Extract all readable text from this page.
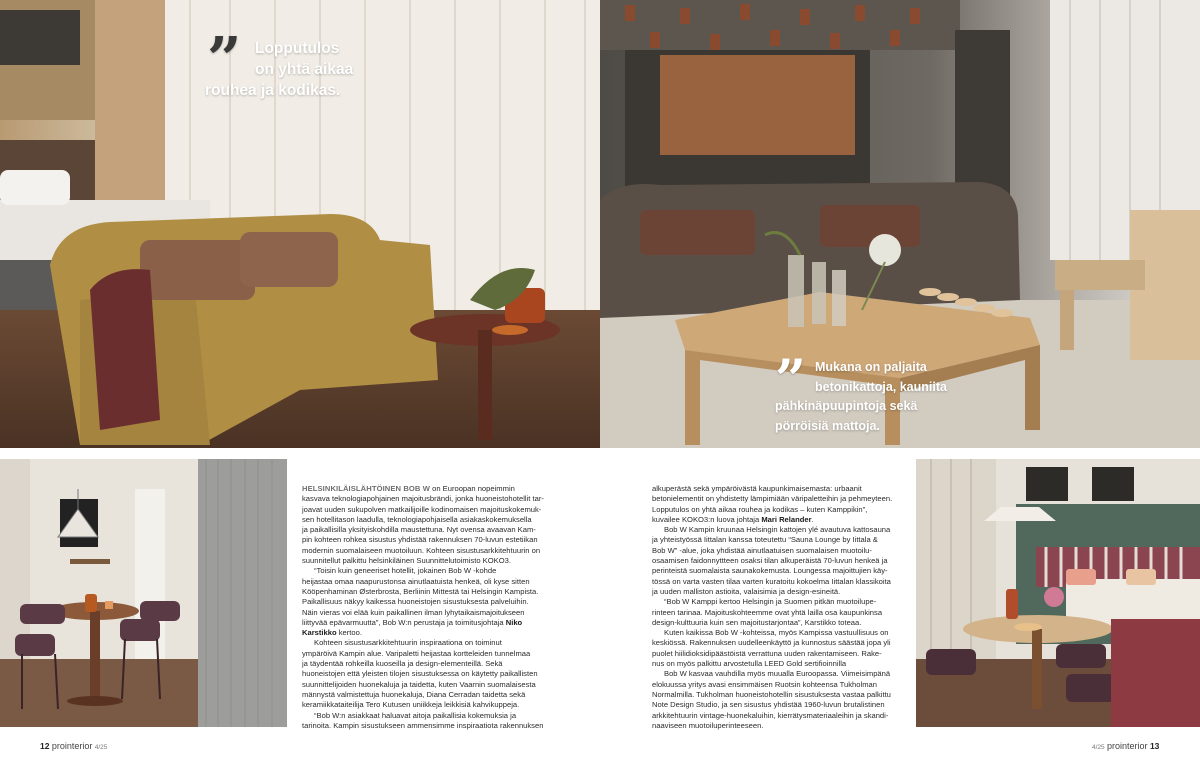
” Lopputulos
on yhtä aikaa
rouhea ja kodikas.
” Mukana on paljaita
betonikattoja, kauniita
pähkinäpuupintoja sekä
pörröisiä mattoja.

HELSINKILÄISLÄHTÖINEN BOB W on Euroopan nopeimmin

kasvava teknologiapohjainen majoitusbrändi, jonka huoneistohotellit tar-

joavat uuden sukupolven matkailijoille kodinomaisen majoituskokemuk-

sen hotellitason laadulla, teknologiapohjaisella asiakaskokemuksella

ja paikallisilla yksityiskohdilla maustettuna. Nyt ovensa avaavan Kam-

pin kohteen rohkea sisustus yhdistää rakennuksen 70-luvun estetiikan

modernin suomalaiseen muotoiluun. Kohteen sisustusarkkitehtuurin on

suunnitellut palkittu helsinkiläinen Suunnittelutoimisto KOKO3.

“Toisin kuin geneeriset hotellit, jokainen Bob W -kohde

heijastaa omaa naapurustonsa ainutlaatuista henkeä, oli kyse sitten

Kööpenhaminan Østerbrosta, Berliinin Mittestä tai Helsingin Kampista.

Paikallisuus näkyy kaikessa huoneistojen sisustuksesta palveluihin.

Näin vieras voi elää kuin paikallinen ilman lyhytaikaismajoitukseen

liittyvää epävarmuutta”, Bob W:n perustaja ja toimitusjohtaja Niko

Karstikko kertoo.

Kohteen sisustusarkkitehtuurin inspiraationa on toiminut

ympäröivä Kampin alue. Varipaletti heijastaa kortteleiden tunnelmaa

ja täydentää rohkeilla kuoseilla ja design-elementeillä. Sekä

huoneistojen että yleisten tilojen sisustuksessa on käytetty paikallisten

suunnittelijoiden huonekaluja ja taidetta, kuten Vaarnin suomalaisesta

männystä valmistettuja huonekaluja, Diana Cerradan taidetta sekä

keramiikkataiteilija Tero Kutusen uniikkeja leikkisiä kahvikuppeja.

“Bob W:n asiakkaat haluavat aitoja paikallisia kokemuksia ja

tarinoita. Kampin sisustukseen ammensimme inspiraatiota rakennuksen

alkuperästä sekä ympäröivästä kaupunkimaisemasta: urbaanit

betonielementit on yhdistetty lämpimiään väripaletteihin ja pehmeyteen.

Lopputulos on yhtä aikaa rouhea ja kodikas – kuten Kamppikin”,

kuvailee KOKO3:n luova johtaja Mari Relander.

Bob W Kampin kruunaa Helsingin kattojen ylé avautuva kattosauna

ja yhteistyössä Iittalan kanssa toteutettu “Sauna Lounge by Iittala &

Bob W” -alue, joka yhdistää ainutlaatuisen suomalaisen muotoilu-

osaamisen faidonnyttteen osaksi tilan alkuperäistä 70-luvun henkeä ja

perinteistä suomalaista saunakokemusta. Loungessa majoittujien käy-

tössä on varta vasten tilaa varten kuratoitu kokoelma Iittalan klassikoita

ja uuden malliston astioita, valaisimia ja design-esineitä.

“Bob W Kamppi kertoo Helsingin ja Suomen pitkän muotoilupe-

rinteen tarinaa. Majoituskohteemme ovat yhtä lailla osa kaupunkinsa

design-kulttuuria kuin sen majoitustarjontaa”, Karstikko toteaa.

Kuten kaikissa Bob W -kohteissa, myös Kampissa vastuullisuus on

keskiössä. Rakennuksen uudelleenkäyttö ja kunnostus säästää jopa yli

puolet hiilidioksidipäästöistä verrattuna uuden rakentamiseen. Rake-

nus on myös palkittu arvostetulla LEED Gold sertifioinnilla

Bob W kasvaa vauhdilla myös muualla Euroopassa. Viimeisimpänä

elokuussa yritys avasi ensimmäisen Ruotsin kohteensa Tukholman

Normalmilla. Tukholman huoneistohotellin sisustuksesta vastaa palkittu

Note Design Studio, ja sen sisustus yhdistää 1960-luvun brutalistinen

arkkitehtuurin vintage-huonekaluihin, kierrätysmateriaaleihin ja skandi-

naaviseen muotoiluperinteeseen.

12 prointerior 4/25	4/25 prointerior 13
